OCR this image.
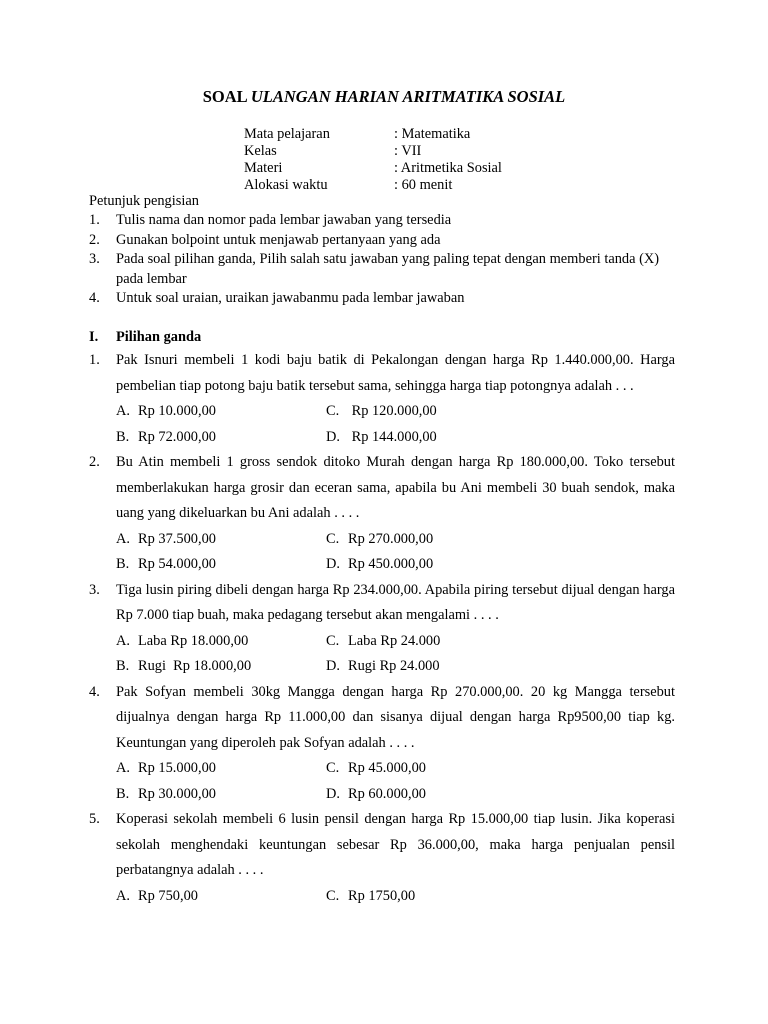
SOAL ULANGAN HARIAN ARITMATIKA SOSIAL
Mata pelajaran	: Matematika
Kelas	: VII
Materi	: Aritmetika Sosial
Alokasi waktu	: 60 menit
Petunjuk pengisian
1.	Tulis nama dan nomor pada lembar jawaban yang tersedia
2.	Gunakan bolpoint untuk menjawab pertanyaan yang ada
3.	Pada soal pilihan ganda, Pilih salah satu jawaban yang paling tepat dengan memberi tanda (X) pada lembar
4.	Untuk soal uraian, uraikan jawabanmu pada lembar jawaban
I. Pilihan ganda
1.	Pak Isnuri membeli 1 kodi baju batik di Pekalongan dengan harga Rp 1.440.000,00. Harga pembelian tiap potong baju batik tersebut sama, sehingga harga tiap potongnya adalah . . .
A. Rp 10.000,00	C. Rp 120.000,00
B. Rp 72.000,00	D. Rp 144.000,00
2.	Bu Atin membeli 1 gross sendok ditoko Murah dengan harga Rp 180.000,00. Toko tersebut memberlakukan harga grosir dan eceran sama, apabila bu Ani membeli 30 buah sendok, maka uang yang dikeluarkan bu Ani adalah . . . .
A. Rp 37.500,00	C. Rp 270.000,00
B. Rp 54.000,00	D. Rp 450.000,00
3.	Tiga lusin piring dibeli dengan harga Rp 234.000,00. Apabila piring tersebut dijual dengan harga Rp 7.000 tiap buah, maka pedagang tersebut akan mengalami . . . .
A. Laba Rp 18.000,00	C. Laba Rp 24.000
B. Rugi  Rp 18.000,00	D. Rugi Rp 24.000
4.	Pak Sofyan membeli 30kg Mangga dengan harga Rp 270.000,00. 20 kg Mangga tersebut dijualnya dengan harga Rp 11.000,00 dan sisanya dijual dengan harga Rp9500,00 tiap kg. Keuntungan yang diperoleh pak Sofyan adalah . . . .
A. Rp 15.000,00	C. Rp 45.000,00
B. Rp 30.000,00	D. Rp 60.000,00
5.	Koperasi sekolah membeli 6 lusin pensil dengan harga Rp 15.000,00 tiap lusin. Jika koperasi sekolah menghendaki keuntungan sebesar Rp 36.000,00, maka harga penjualan pensil perbatangnya adalah . . . .
A. Rp 750,00	C. Rp 1750,00
